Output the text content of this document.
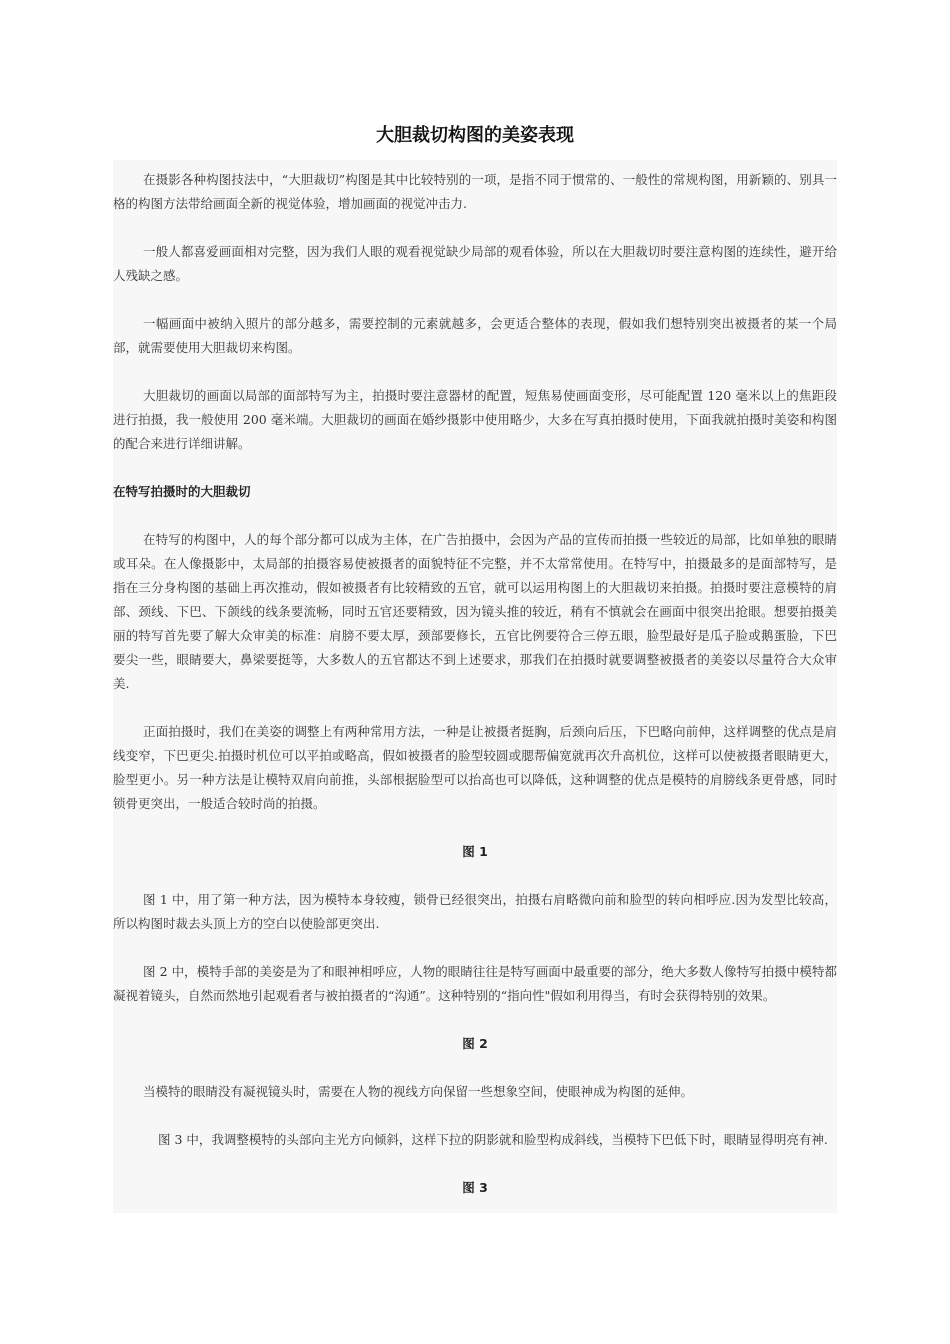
大胆裁切构图的美姿表现

在摄影各种构图技法中，“大胆裁切”构图是其中比较特别的一项，是指不同于惯常的、一般性的常规构图，用新颖的、别具一格的构图方法带给画面全新的视觉体验，增加画面的视觉冲击力.

一般人都喜爱画面相对完整，因为我们人眼的观看视觉缺少局部的观看体验，所以在大胆裁切时要注意构图的连续性，避开给人残缺之感。

一幅画面中被纳入照片的部分越多，需要控制的元素就越多，会更适合整体的表现，假如我们想特别突出被摄者的某一个局部，就需要使用大胆裁切来构图。

大胆裁切的画面以局部的面部特写为主，拍摄时要注意器材的配置，短焦易使画面变形，尽可能配置 120 毫米以上的焦距段进行拍摄，我一般使用 200 毫米端。大胆裁切的画面在婚纱摄影中使用略少，大多在写真拍摄时使用，下面我就拍摄时美姿和构图的配合来进行详细讲解。

在特写拍摄时的大胆裁切

在特写的构图中，人的每个部分都可以成为主体，在广告拍摄中，会因为产品的宣传而拍摄一些较近的局部，比如单独的眼睛或耳朵。在人像摄影中，太局部的拍摄容易使被摄者的面貌特征不完整，并不太常常使用。在特写中，拍摄最多的是面部特写，是指在三分身构图的基础上再次推动，假如被摄者有比较精致的五官，就可以运用构图上的大胆裁切来拍摄。拍摄时要注意模特的肩部、颈线、下巴、下颌线的线条要流畅，同时五官还要精致，因为镜头推的较近，稍有不慎就会在画面中很突出抢眼。想要拍摄美丽的特写首先要了解大众审美的标准：肩膀不要太厚，颈部要修长，五官比例要符合三停五眼，脸型最好是瓜子脸或鹅蛋脸，下巴要尖一些，眼睛要大，鼻梁要挺等，大多数人的五官都达不到上述要求，那我们在拍摄时就要调整被摄者的美姿以尽量符合大众审美.

正面拍摄时，我们在美姿的调整上有两种常用方法，一种是让被摄者挺胸，后颈向后压，下巴略向前伸，这样调整的优点是肩线变窄，下巴更尖.拍摄时机位可以平拍或略高，假如被摄者的脸型较圆或腮帮偏宽就再次升高机位，这样可以使被摄者眼睛更大，脸型更小。另一种方法是让模特双肩向前推，头部根据脸型可以抬高也可以降低，这种调整的优点是模特的肩膀线条更骨感，同时锁骨更突出，一般适合较时尚的拍摄。

图 1

图 1 中，用了第一种方法，因为模特本身较瘦，锁骨已经很突出，拍摄右肩略微向前和脸型的转向相呼应.因为发型比较高，所以构图时裁去头顶上方的空白以使脸部更突出.

图 2 中，模特手部的美姿是为了和眼神相呼应，人物的眼睛往往是特写画面中最重要的部分，绝大多数人像特写拍摄中模特都凝视着镜头，自然而然地引起观看者与被拍摄者的“沟通”。这种特别的“指向性"假如利用得当，有时会获得特别的效果。

图 2

当模特的眼睛没有凝视镜头时，需要在人物的视线方向保留一些想象空间，使眼神成为构图的延伸。

图 3 中，我调整模特的头部向主光方向倾斜，这样下拉的阴影就和脸型构成斜线，当模特下巴低下时，眼睛显得明亮有神.

图 3
